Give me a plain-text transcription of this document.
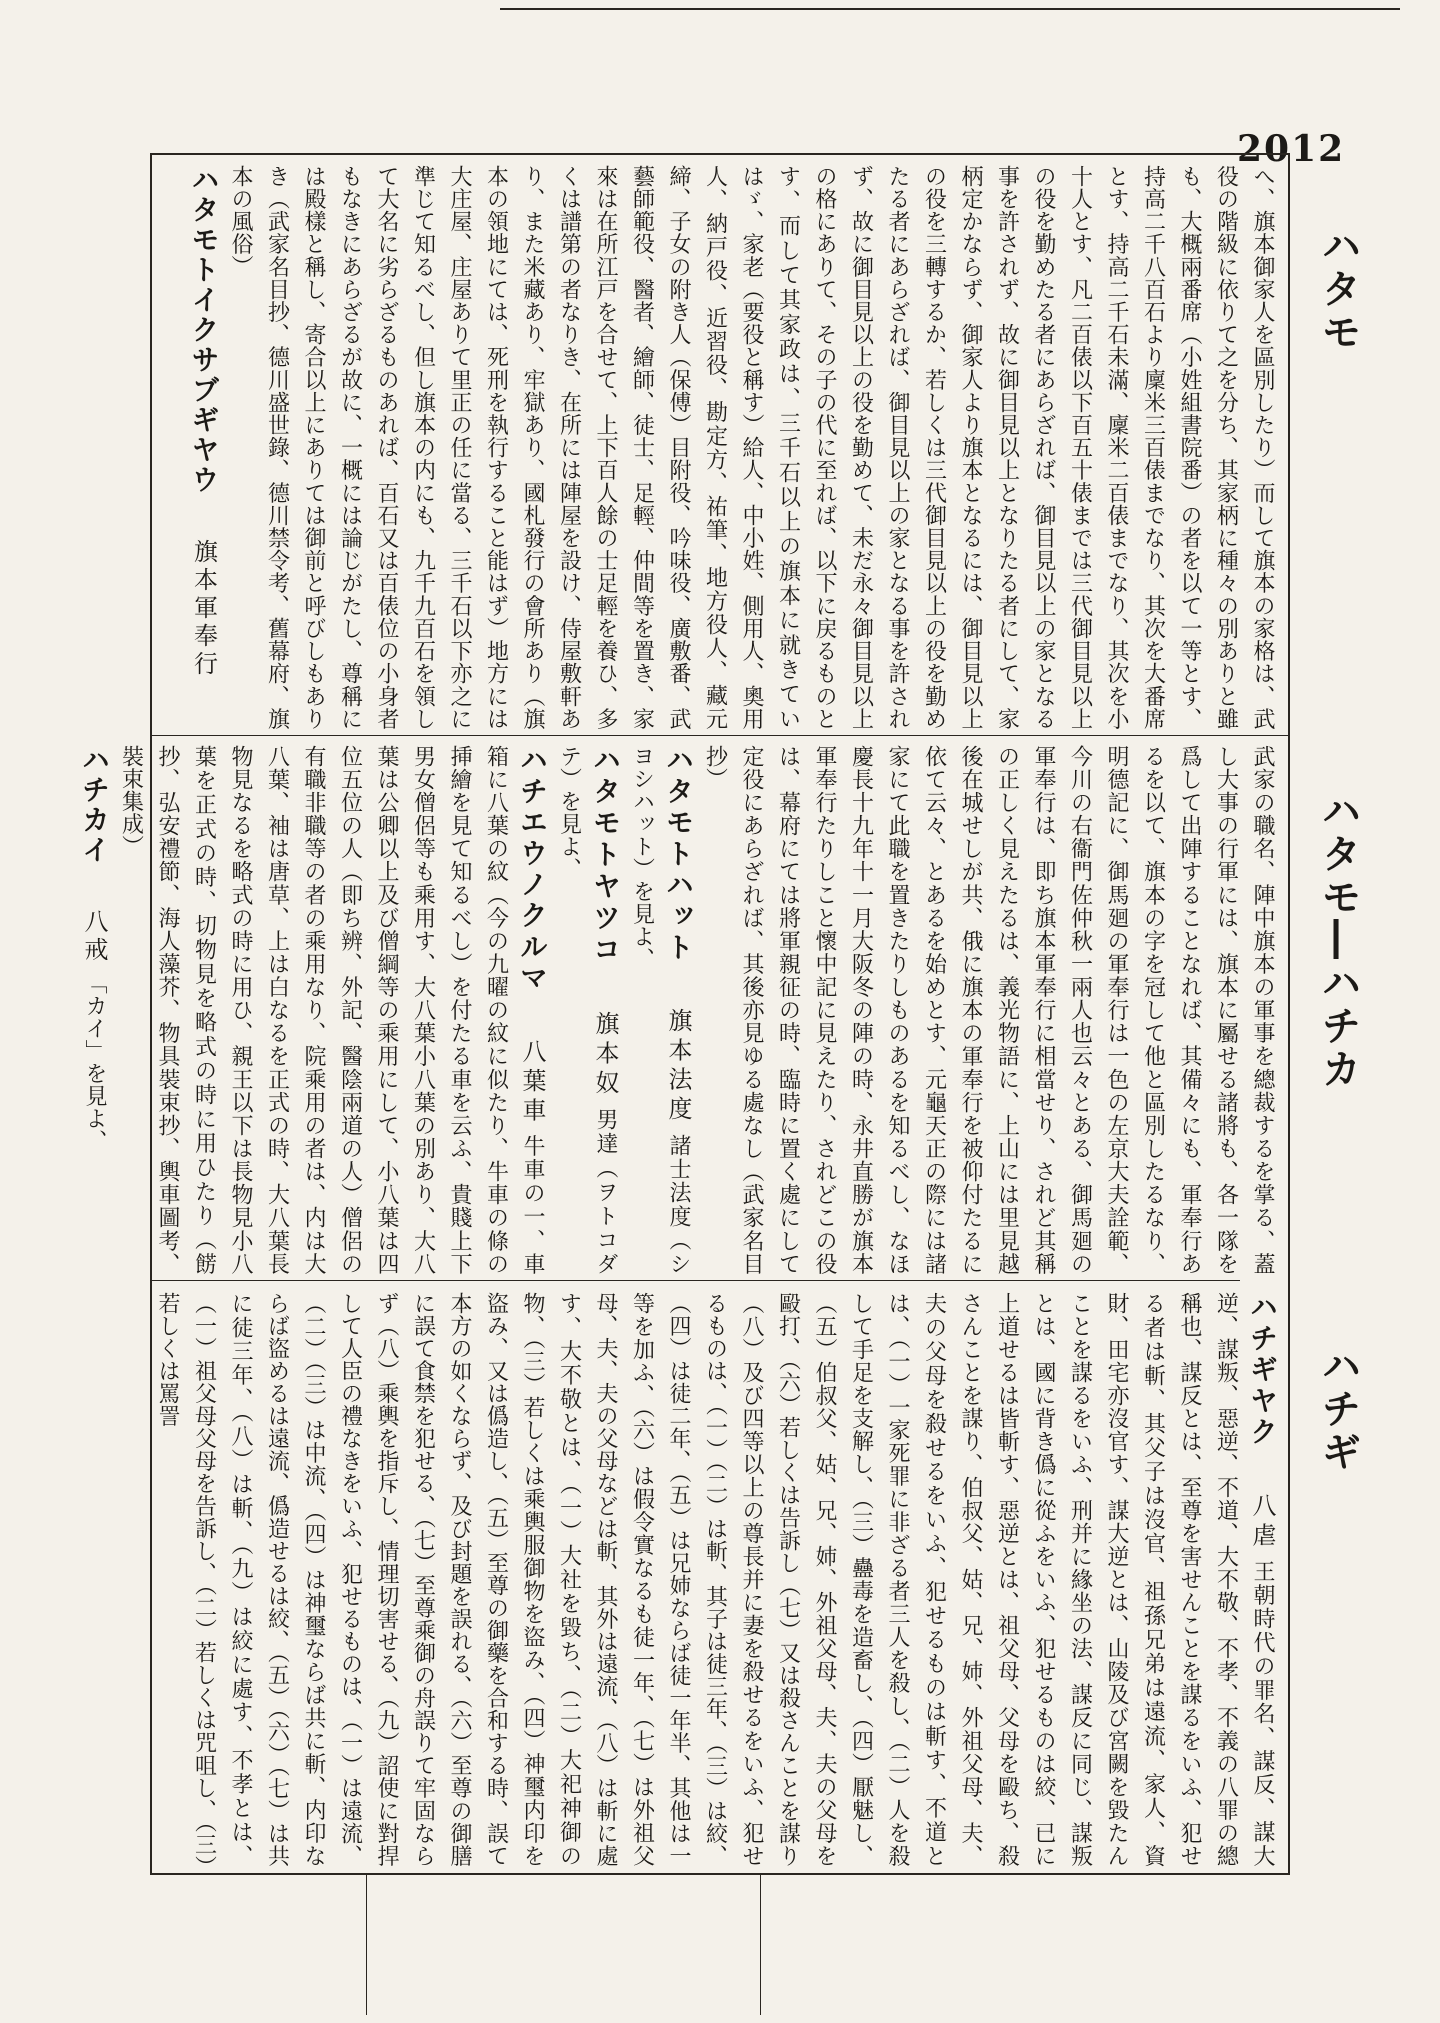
2012
ハタモ
ハタモ―ハチカ
ハチギ

へ、旗本御家人を區別したり）而して旗本の家格は、武役の階級に依りて之を分ち、其家柄に種々の別ありと雖も、大概兩番席（小姓組書院番）の者を以て一等とす、持高二千八百石より廩米三百俵までなり、其次を大番席とす、持高二千石未滿、廩米二百俵までなり、其次を小十人とす、凡二百俵以下百五十俵までは三代御目見以上の役を勤めたる者にあらざれば、御目見以上の家となる事を許されず、故に御目見以上となりたる者にして、家柄定かならず、御家人より旗本となるには、御目見以上の役を三轉するか、若しくは三代御目見以上の役を勤めたる者にあらざれば、御目見以上の家となる事を許されず、故に御目見以上の役を勤めて、未だ永々御目見以上の格にありて、その子の代に至れば、以下に戻るものとす、而して其家政は、三千石以上の旗本に就きていはゞ、家老（要役と稱す）給人、中小姓、側用人、奧用人、納戸役、近習役、勘定方、祐筆、地方役人、藏元締、子女の附き人（保傅）目附役、吟味役、廣敷番、武藝師範役、醫者、繪師、徒士、足輕、仲間等を置き、家來は在所江戸を合せて、上下百人餘の士足輕を養ひ、多くは譜第の者なりき、在所には陣屋を設け、侍屋敷軒あり、また米藏あり、牢獄あり、國札發行の會所あり（旗本の領地にては、死刑を執行すること能はず）地方には大庄屋、庄屋ありて里正の任に當る、三千石以下亦之に準じて知るべし、但し旗本の内にも、九千九百石を領して大名に劣らざるものあれば、百石又は百俵位の小身者もなきにあらざるが故に、一概には論じがたし、尊稱には殿樣と稱し、寄合以上にありては御前と呼びしもありき（武家名目抄、德川盛世錄、德川禁令考、舊幕府、旗本の風俗）

ハタモトイクサブギヤウ 旗本軍奉行

武家の職名、陣中旗本の軍事を總裁するを掌る、蓋し大事の行軍には、旗本に屬せる諸將も、各一隊を爲して出陣することなれば、其備々にも、軍奉行あるを以て、旗本の字を冠して他と區別したるなり、明德記に、御馬廻の軍奉行は一色の左京大夫詮範、今川の右衞門佐仲秋一兩人也云々とある、御馬廻の軍奉行は、即ち旗本軍奉行に相當せり、されど其稱の正しく見えたるは、義光物語に、上山には里見越後在城せしが共、俄に旗本の軍奉行を被仰付たるに依て云々、とあるを始めとす、元龜天正の際には諸家にて此職を置きたりしものあるを知るべし、なほ慶長十九年十一月大阪冬の陣の時、永井直勝が旗本軍奉行たりしこと懷中記に見えたり、されどこの役は、幕府にては將軍親征の時、臨時に置く處にして定役にあらざれば、其後亦見ゆる處なし（武家名目抄）

ハタモトハット 旗本法度 諸士法度（シヨシハット）を見よ、

ハタモトヤツコ 旗本奴 男達（ヲトコダテ）を見よ、

ハチエウノクルマ 八葉車 牛車の一、車箱に八葉の紋（今の九曜の紋に似たり、牛車の條の挿繪を見て知るべし）を付たる車を云ふ、貴賤上下男女僧侶等も乘用す、大八葉小八葉の別あり、大八葉は公卿以上及び僧綱等の乘用にして、小八葉は四位五位の人（即ち辨、外記、醫陰兩道の人）僧侶の有職非職等の者の乘用なり、院乘用の者は、内は大八葉、袖は唐草、上は白なるを正式の時、大八葉長物見なるを略式の時に用ひ、親王以下は長物見小八葉を正式の時、切物見を略式の時に用ひたり（餝抄、弘安禮節、海人藻芥、物具裝束抄、輿車圖考、裝束集成）

ハチカイ 八戒 「カイ」を見よ、

ハチギヤク 八虐 王朝時代の罪名、謀反、謀大逆、謀叛、惡逆、不道、大不敬、不孝、不義の八罪の總稱也、謀反とは、至尊を害せんことを謀るをいふ、犯せる者は斬、其父子は沒官、祖孫兄弟は遠流、家人、資財、田宅亦沒官す、謀大逆とは、山陵及び宮闕を毀たんことを謀るをいふ、刑并に緣坐の法、謀反に同じ、謀叛とは、國に背き僞に從ふをいふ、犯せるものは絞、已に上道せるは皆斬す、惡逆とは、祖父母、父母を毆ち、殺さんことを謀り、伯叔父、姑、兄、姉、外祖父母、夫、夫の父母を殺せるをいふ、犯せるものは斬す、不道とは、（一）一家死罪に非ざる者三人を殺し、（二）人を殺して手足を支解し、（三）蠱毒を造畜し、（四）厭魅し、（五）伯叔父、姑、兄、姉、外祖父母、夫、夫の父母を毆打、（六）若しくは告訴し（七）又は殺さんことを謀り（八）及び四等以上の尊長并に妻を殺せるをいふ、犯せるものは、（一）（二）は斬、其子は徒三年、（三）は絞、（四）は徒二年、（五）は兄姉ならば徒一年半、其他は一等を加ふ、（六）は假令實なるも徒一年、（七）は外祖父母、夫、夫の父母などは斬、其外は遠流、（八）は斬に處す、大不敬とは、（一）大社を毀ち、（二）大祀神御の物、（三）若しくは乘輿服御物を盜み、（四）神璽内印を盜み、又は僞造し、（五）至尊の御藥を合和する時、誤て本方の如くならず、及び封題を誤れる、（六）至尊の御膳に誤て食禁を犯せる、（七）至尊乘御の舟誤りて牢固ならず（八）乘輿を指斥し、情理切害せる、（九）詔使に對捍して人臣の禮なきをいふ、犯せるものは、（一）は遠流、（二）（三）は中流、（四）は神璽ならば共に斬、内印ならば盜めるは遠流、僞造せるは絞、（五）（六）（七）は共に徒三年、（八）は斬、（九）は絞に處す、不孝とは、（一）祖父母父母を告訴し、（二）若しくは咒咀し、（三）若しくは罵詈
